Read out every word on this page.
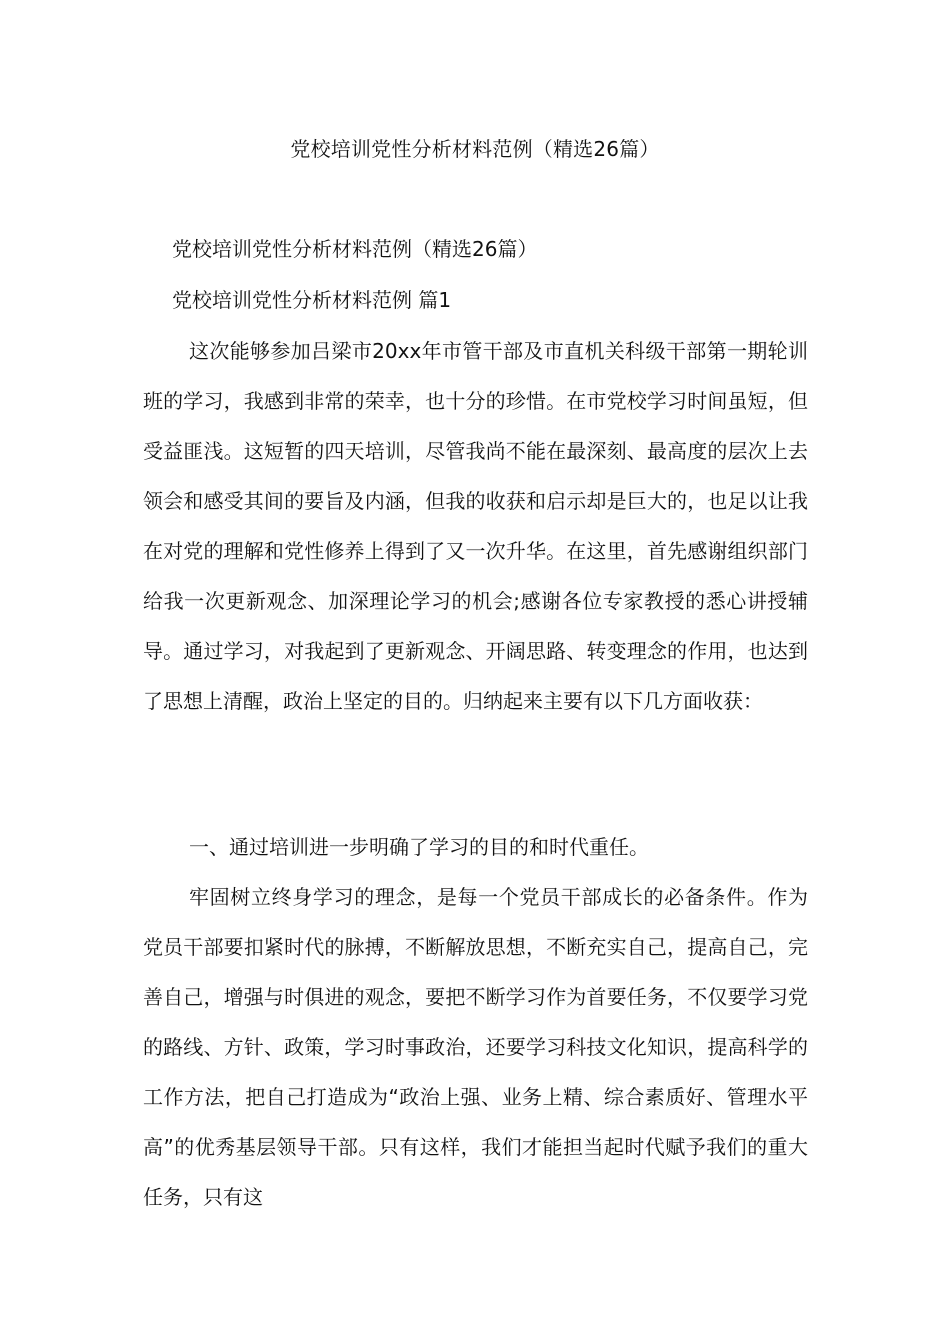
党校培训党性分析材料范例（精选26篇）

党校培训党性分析材料范例（精选26篇）

党校培训党性分析材料范例 篇1

这次能够参加吕梁市20xx年市管干部及市直机关科级干部第一期轮训班的学习，我感到非常的荣幸，也十分的珍惜。在市党校学习时间虽短，但受益匪浅。这短暂的四天培训，尽管我尚不能在最深刻、最高度的层次上去领会和感受其间的要旨及内涵，但我的收获和启示却是巨大的，也足以让我在对党的理解和党性修养上得到了又一次升华。在这里，首先感谢组织部门给我一次更新观念、加深理论学习的机会;感谢各位专家教授的悉心讲授辅导。通过学习，对我起到了更新观念、开阔思路、转变理念的作用，也达到了思想上清醒，政治上坚定的目的。归纳起来主要有以下几方面收获：

一、通过培训进一步明确了学习的目的和时代重任。

牢固树立终身学习的理念，是每一个党员干部成长的必备条件。作为党员干部要扣紧时代的脉搏，不断解放思想，不断充实自己，提高自己，完善自己，增强与时俱进的观念，要把不断学习作为首要任务，不仅要学习党的路线、方针、政策，学习时事政治，还要学习科技文化知识，提高科学的工作方法，把自己打造成为“政治上强、业务上精、综合素质好、管理水平高”的优秀基层领导干部。只有这样，我们才能担当起时代赋予我们的重大任务，只有这
